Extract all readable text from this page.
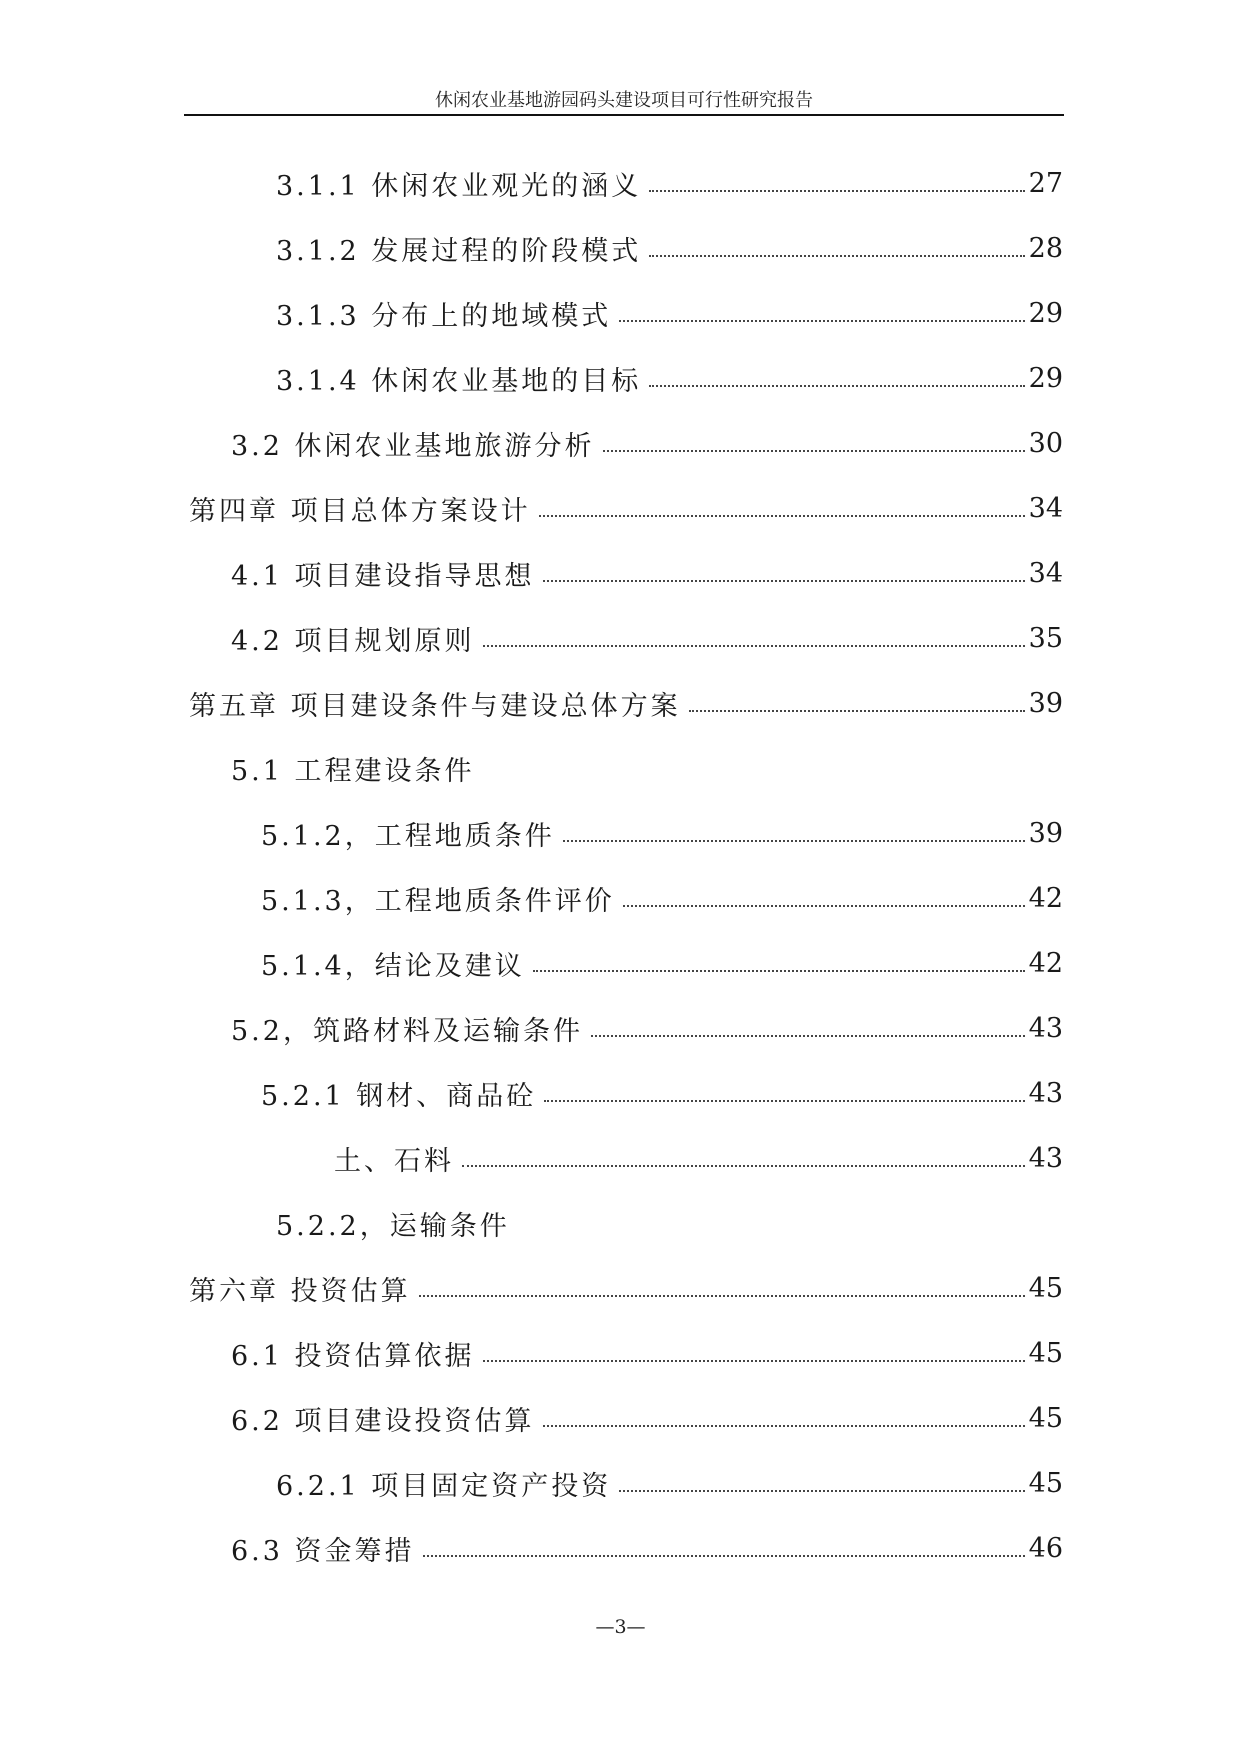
休闲农业基地游园码头建设项目可行性研究报告
3.1.1 休闲农业观光的涵义	27
3.1.2 发展过程的阶段模式	28
3.1.3 分布上的地域模式	29
3.1.4 休闲农业基地的目标	29
3.2 休闲农业基地旅游分析	30
第四章 项目总体方案设计	34
4.1 项目建设指导思想	34
4.2 项目规划原则	35
第五章 项目建设条件与建设总体方案	39
5.1 工程建设条件
5.1.2，工程地质条件	39
5.1.3，工程地质条件评价	42
5.1.4，结论及建议	42
5.2，筑路材料及运输条件	43
5.2.1 钢材、商品砼	43
土、石料	43
5.2.2，运输条件
第六章 投资估算	45
6.1 投资估算依据	45
6.2 项目建设投资估算	45
6.2.1 项目固定资产投资	45
6.3 资金筹措	46
—3—
